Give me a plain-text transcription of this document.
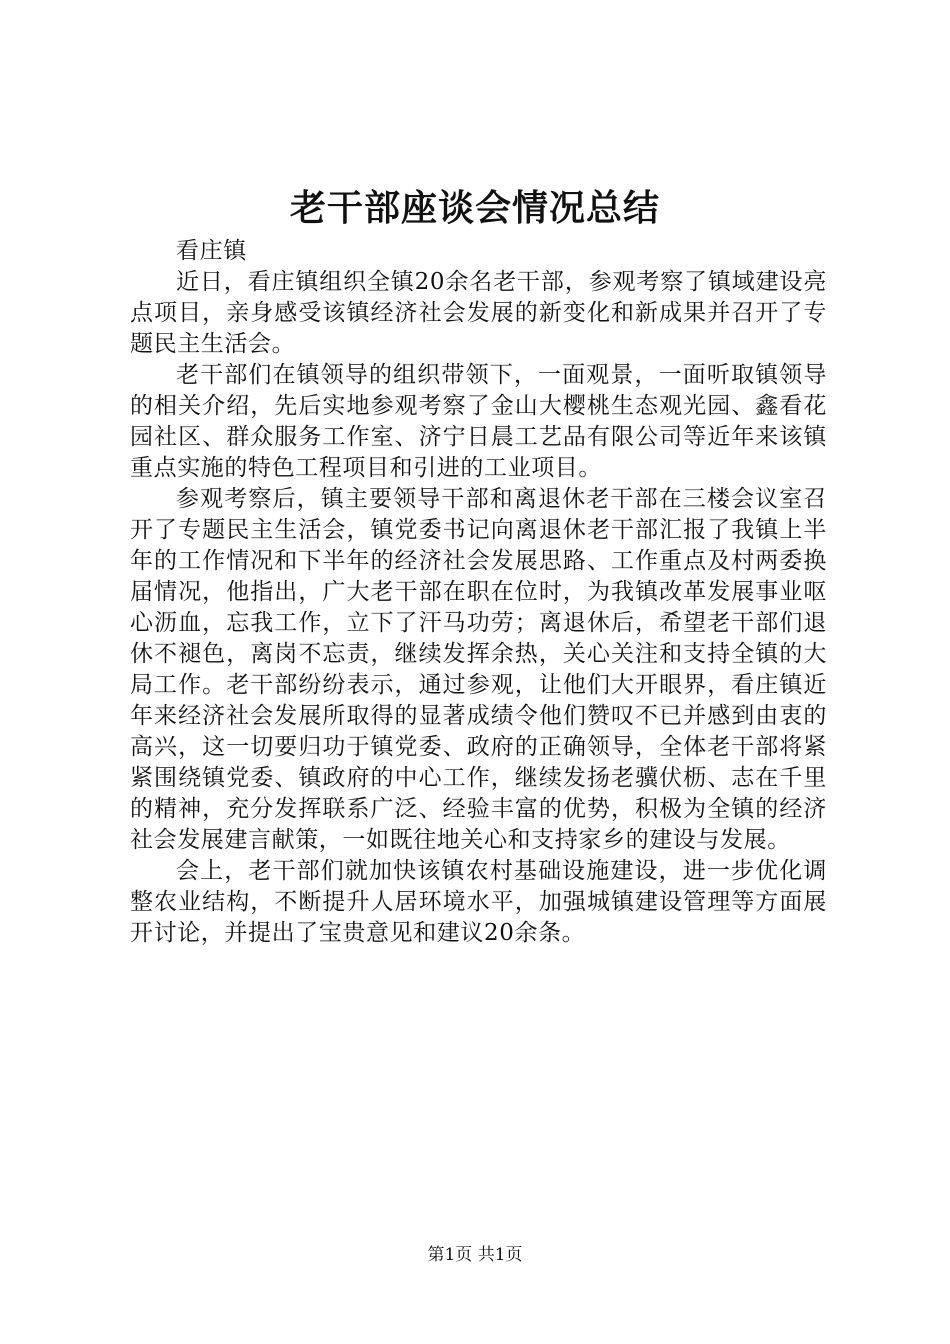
老干部座谈会情况总结

看庄镇

近日，看庄镇组织全镇20余名老干部，参观考察了镇域建设亮点项目，亲身感受该镇经济社会发展的新变化和新成果并召开了专题民主生活会。

老干部们在镇领导的组织带领下，一面观景，一面听取镇领导的相关介绍，先后实地参观考察了金山大樱桃生态观光园、鑫看花园社区、群众服务工作室、济宁日晨工艺品有限公司等近年来该镇重点实施的特色工程项目和引进的工业项目。

参观考察后，镇主要领导干部和离退休老干部在三楼会议室召开了专题民主生活会，镇党委书记向离退休老干部汇报了我镇上半年的工作情况和下半年的经济社会发展思路、工作重点及村两委换届情况，他指出，广大老干部在职在位时，为我镇改革发展事业呕心沥血，忘我工作，立下了汗马功劳；离退休后，希望老干部们退休不褪色，离岗不忘责，继续发挥余热，关心关注和支持全镇的大局工作。老干部纷纷表示，通过参观，让他们大开眼界，看庄镇近年来经济社会发展所取得的显著成绩令他们赞叹不已并感到由衷的高兴，这一切要归功于镇党委、政府的正确领导，全体老干部将紧紧围绕镇党委、镇政府的中心工作，继续发扬老骥伏枥、志在千里的精神，充分发挥联系广泛、经验丰富的优势，积极为全镇的经济社会发展建言献策，一如既往地关心和支持家乡的建设与发展。

会上，老干部们就加快该镇农村基础设施建设，进一步优化调整农业结构，不断提升人居环境水平，加强城镇建设管理等方面展开讨论，并提出了宝贵意见和建议20余条。

第1页 共1页
